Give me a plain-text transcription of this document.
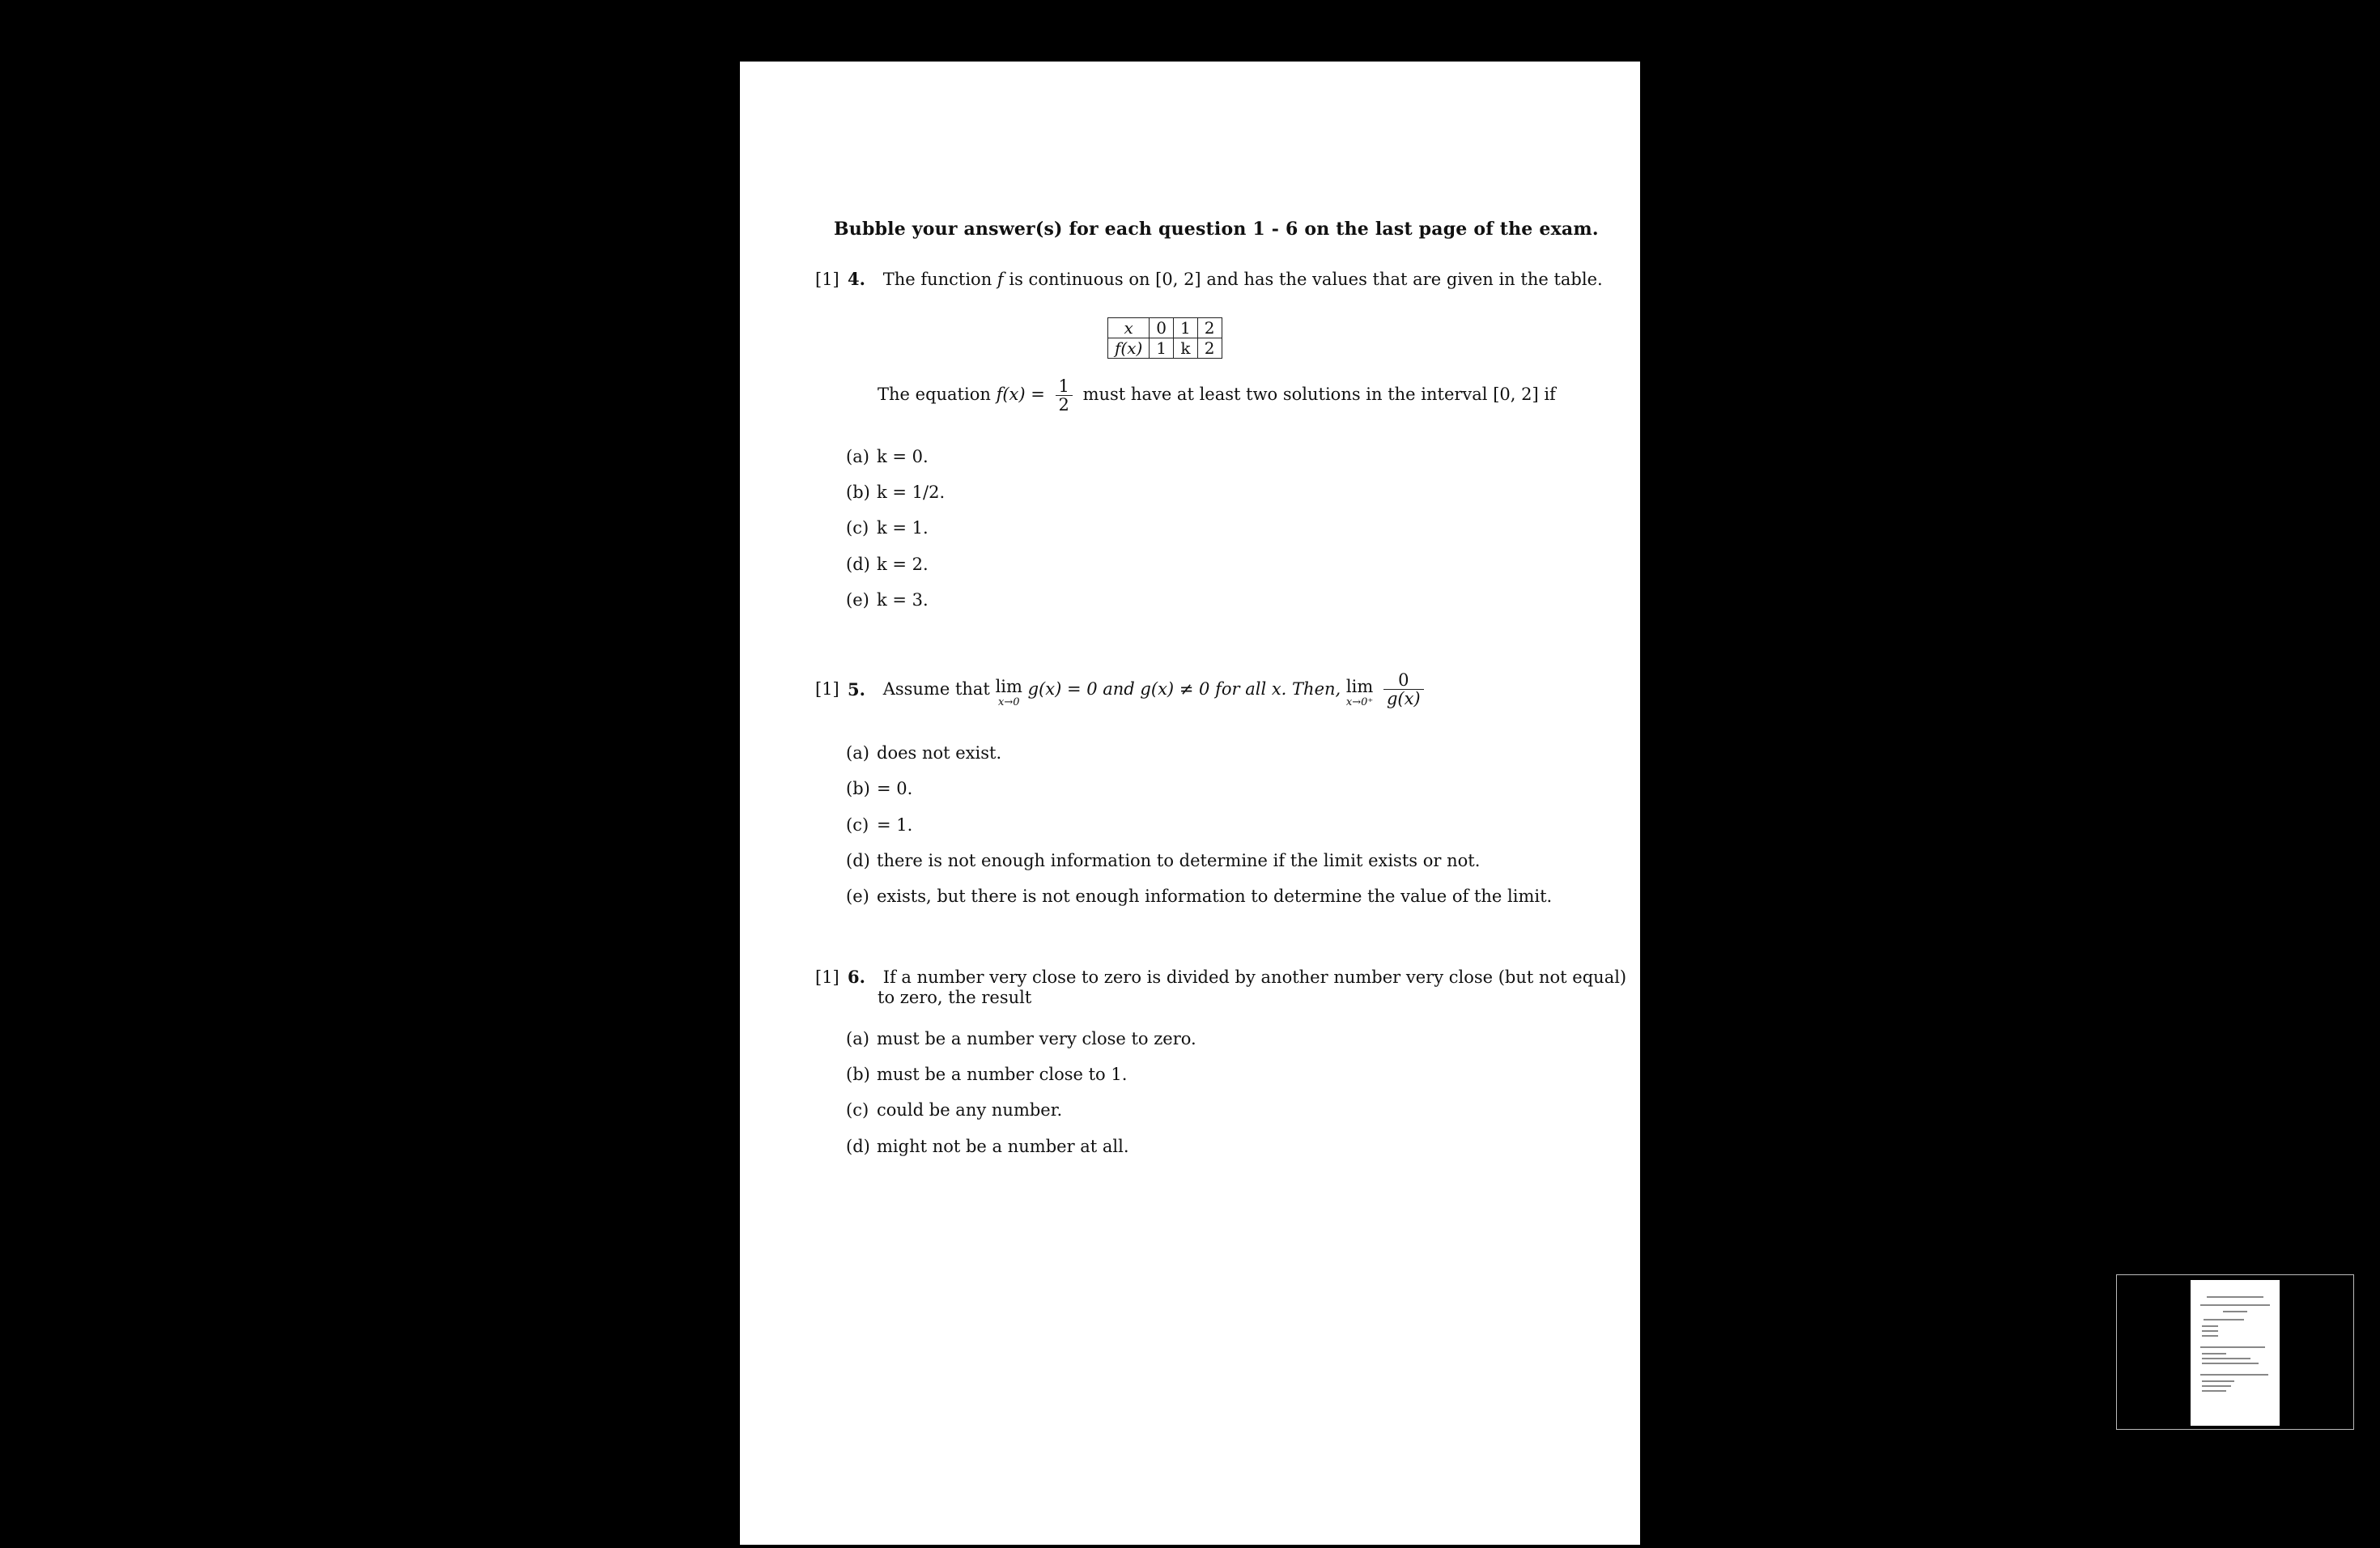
Bubble your answer(s) for each question 1 - 6 on the last page of the exam.
[1] 4. The function f is continuous on [0, 2] and has the values that are given in the table.
x	0	1	2
f(x)	1	k	2
The equation $f(x) = \frac{1}{2}$ must have at least two solutions in the interval [0, 2] if
(a) k = 0.
(b) k = 1/2.
(c) k = 1.
(d) k = 2.
(e) k = 3.
[1] 5. Assume that lim
x→0
g(x) = 0 and g(x) ≠ 0 for all x. Then, lim
x→0⁺
$\frac{0}{g(x)}$
(a) does not exist.
(b) = 0.
(c) = 1.
(d) there is not enough information to determine if the limit exists or not.
(e) exists, but there is not enough information to determine the value of the limit.
[1] 6. If a number very close to zero is divided by another number very close (but not equal)
to zero, the result
(a) must be a number very close to zero.
(b) must be a number close to 1.
(c) could be any number.
(d) might not be a number at all.
